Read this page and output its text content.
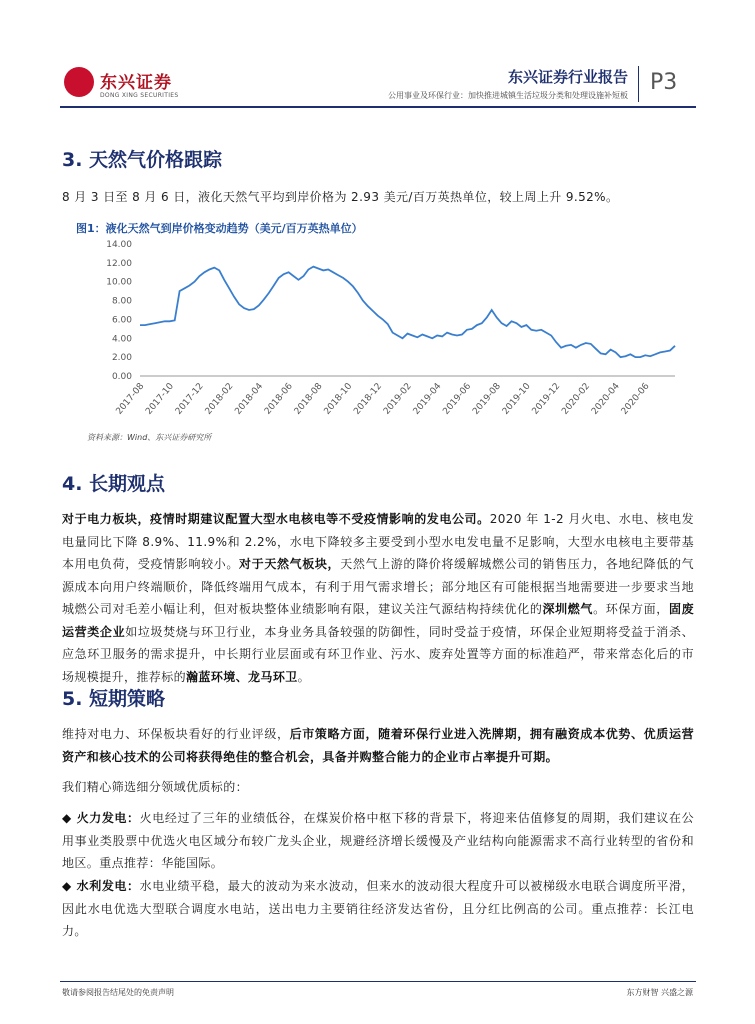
东兴证券
DONG XING SECURITIES
东兴证券行业报告
公用事业及环保行业：加快推进城镇生活垃圾分类和处理设施补短板
P3
3. 天然气价格跟踪
8 月 3 日至 8 月 6 日，液化天然气平均到岸价格为 2.93 美元/百万英热单位，较上周上升 9.52%。
图1：液化天然气到岸价格变动趋势（美元/百万英热单位）
0.00
2.00
4.00
6.00
8.00
10.00
12.00
14.00
2017-08
2017-10
2017-12
2018-02
2018-04
2018-06
2018-08
2018-10
2018-12
2019-02
2019-04
2019-06
2019-08
2019-10
2019-12
2020-02
2020-04
2020-06
资料来源：Wind、东兴证券研究所
4. 长期观点
对于电力板块，疫情时期建议配置大型水电核电等不受疫情影响的发电公司。2020 年 1-2 月火电、水电、核电发电量同比下降 8.9%、11.9%和 2.2%，水电下降较多主要受到小型水电发电量不足影响，大型水电核电主要带基本用电负荷，受疫情影响较小。对于天然气板块，天然气上游的降价将缓解城燃公司的销售压力，各地纪降低的气源成本向用户终端顺价，降低终端用气成本，有利于用气需求增长；部分地区有可能根据当地需要进一步要求当地城燃公司对毛差小幅让利，但对板块整体业绩影响有限，建议关注气源结构持续优化的深圳燃气。环保方面，固废运营类企业如垃圾焚烧与环卫行业，本身业务具备较强的防御性，同时受益于疫情，环保企业短期将受益于消杀、应急环卫服务的需求提升，中长期行业层面或有环卫作业、污水、废弃处置等方面的标准趋严，带来常态化后的市场规模提升，推荐标的瀚蓝环境、龙马环卫。
5. 短期策略
维持对电力、环保板块看好的行业评级，后市策略方面，随着环保行业进入洗牌期，拥有融资成本优势、优质运营资产和核心技术的公司将获得绝佳的整合机会，具备并购整合能力的企业市占率提升可期。
我们精心筛选细分领域优质标的：
◆ 火力发电：火电经过了三年的业绩低谷，在煤炭价格中枢下移的背景下，将迎来估值修复的周期，我们建议在公用事业类股票中优选火电区域分布较广龙头企业，规避经济增长缓慢及产业结构向能源需求不高行业转型的省份和地区。重点推荐：华能国际。
◆ 水利发电：水电业绩平稳，最大的波动为来水波动，但来水的波动很大程度升可以被梯级水电联合调度所平滑，因此水电优选大型联合调度水电站，送出电力主要销往经济发达省份，且分红比例高的公司。重点推荐：长江电力。
敬请参阅报告结尾处的免责声明	东方财智 兴盛之源
